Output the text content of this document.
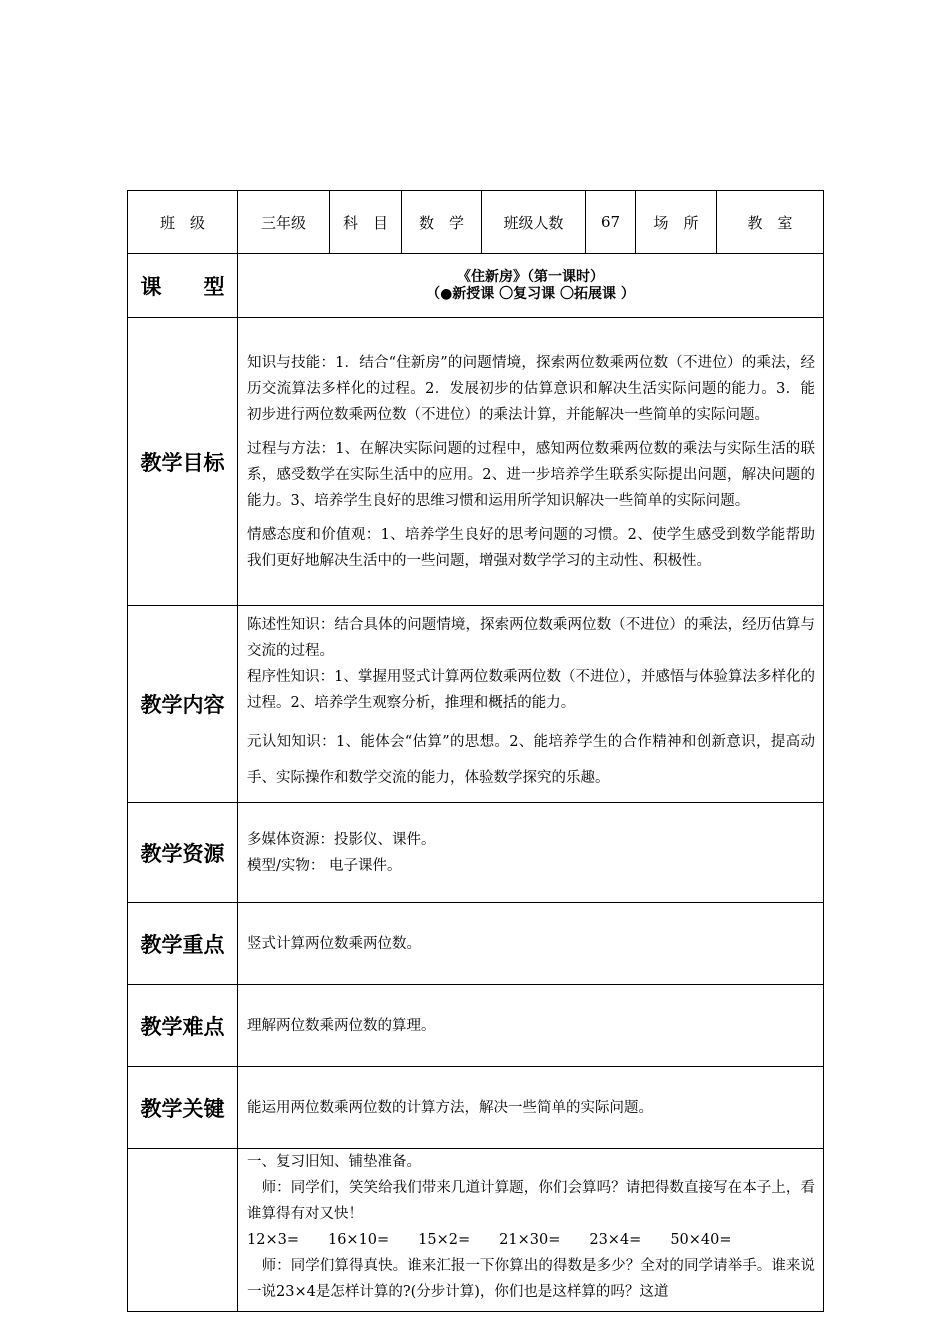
班　级	三年级	科　目	数　学	班级人数	67	场　所	教　室
课　　型	《住新房》（第一课时）
（●新授课 〇复习课 〇拓展课 ）						

教学目标	知识与技能：1．结合“住新房”的问题情境，探索两位数乘两位数（不进位）的乘法，经历交流算法多样化的过程。2．发展初步的估算意识和解决生活实际问题的能力。3．能初步进行两位数乘两位数（不进位）的乘法计算，并能解决一些简单的实际问题。

过程与方法：1、在解决实际问题的过程中，感知两位数乘两位数的乘法与实际生活的联系，感受数学在实际生活中的应用。2、进一步培养学生联系实际提出问题，解决问题的能力。3、培养学生良好的思维习惯和运用所学知识解决一些简单的实际问题。

情感态度和价值观：1、培养学生良好的思考问题的习惯。2、使学生感受到数学能帮助我们更好地解决生活中的一些问题，增强对数学学习的主动性、积极性。						

教学内容	陈述性知识：结合具体的问题情境，探索两位数乘两位数（不进位）的乘法，经历估算与交流的过程。

程序性知识：1、掌握用竖式计算两位数乘两位数（不进位），并感悟与体验算法多样化的过程。2、培养学生观察分析，推理和概括的能力。

元认知知识：1、能体会“估算”的思想。2、能培养学生的合作精神和创新意识，提高动手、实际操作和数学交流的能力，体验数学探究的乐趣。						

教学资源	多媒体资源：投影仪、课件。

模型/实物： 电子课件。						

教学重点	竖式计算两位数乘两位数。						
教学难点	理解两位数乘两位数的算理。						
教学关键	能运用两位数乘两位数的计算方法，解决一些简单的实际问题。						

	一、复习旧知、铺垫准备。

　师：同学们，笑笑给我们带来几道计算题，你们会算吗？请把得数直接写在本子上，看谁算得有对又快！

12×3=　　16×10=　　15×2=　　21×30=　　23×4=　　50×40=

　师：同学们算得真快。谁来汇报一下你算出的得数是多少？全对的同学请举手。谁来说一说23×4是怎样计算的?(分步计算)，你们也是这样算的吗？这道						
